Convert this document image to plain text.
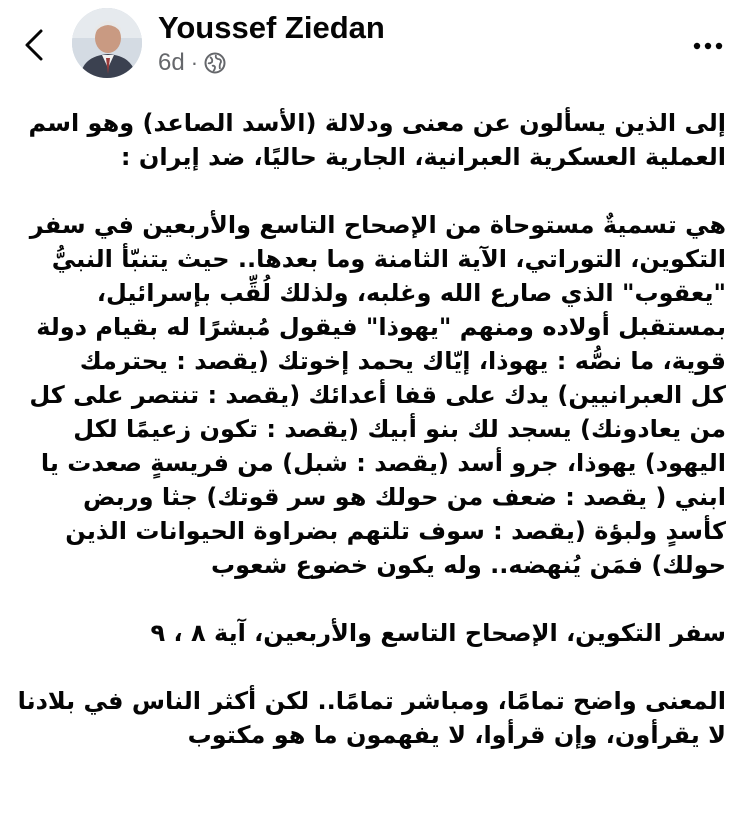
Youssef Ziedan
6d ·
إلى الذين يسألون عن معنى ودلالة (الأسد الصاعد) وهو اسم
العملية العسكرية العبرانية، الجارية حاليًا، ضد إيران :
هي تسميةٌ مستوحاة من الإصحاح التاسع والأربعين في سفر
التكوين، التوراتي، الآية الثامنة وما بعدها.. حيث يتنبّأ النبيُّ
"يعقوب" الذي صارع الله وغلبه، ولذلك لُقِّب بإسرائيل،
بمستقبل أولاده ومنهم "يهوذا" فيقول مُبشرًا له بقيام دولة
قوية، ما نصُّه : يهوذا، إيّاك يحمد إخوتك (يقصد : يحترمك
كل العبرانيين) يدك على قفا أعدائك (يقصد : تنتصر على كل
من يعادونك) يسجد لك بنو أبيك (يقصد : تكون زعيمًا لكل
اليهود) يهوذا، جرو أسد (يقصد : شبل) من فريسةٍ صعدت يا
ابني ( يقصد : ضعف من حولك هو سر قوتك) جثا وربض
كأسدٍ ولبؤة (يقصد : سوف تلتهم بضراوة الحيوانات الذين
حولك) فمَن يُنهضه.. وله يكون خضوع شعوب
سفر التكوين، الإصحاح التاسع والأربعين، آية ٨ ، ٩
المعنى واضح تمامًا، ومباشر تمامًا.. لكن أكثر الناس في بلادنا
لا يقرأون، وإن قرأوا، لا يفهمون ما هو مكتوب
